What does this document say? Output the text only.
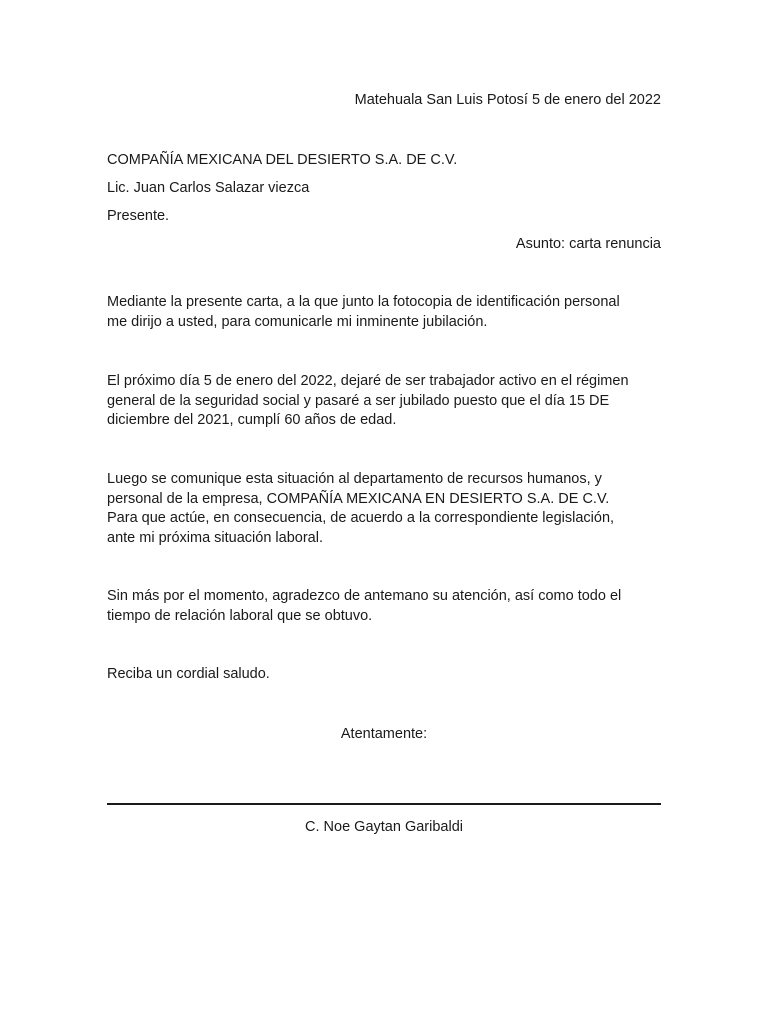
Matehuala San Luis Potosí 5 de enero del 2022
COMPAÑÍA MEXICANA DEL DESIERTO S.A. DE C.V.
Lic. Juan Carlos Salazar viezca
Presente.
Asunto: carta renuncia

Mediante la presente carta, a la que junto la fotocopia de identificación personal

me dirijo a usted, para comunicarle mi inminente jubilación.

El próximo día 5 de enero del 2022, dejaré de ser trabajador activo en el régimen

general de la seguridad social y pasaré a ser jubilado puesto que el día 15 DE

diciembre del 2021, cumplí 60 años de edad.

Luego se comunique esta situación al departamento de recursos humanos, y

personal de la empresa, COMPAÑÍA MEXICANA EN DESIERTO S.A. DE C.V.

Para que actúe, en consecuencia, de acuerdo a la correspondiente legislación,

ante mi próxima situación laboral.

Sin más por el momento, agradezco de antemano su atención, así como todo el

tiempo de relación laboral que se obtuvo.

Reciba un cordial saludo.

Atentamente:
C. Noe Gaytan Garibaldi
